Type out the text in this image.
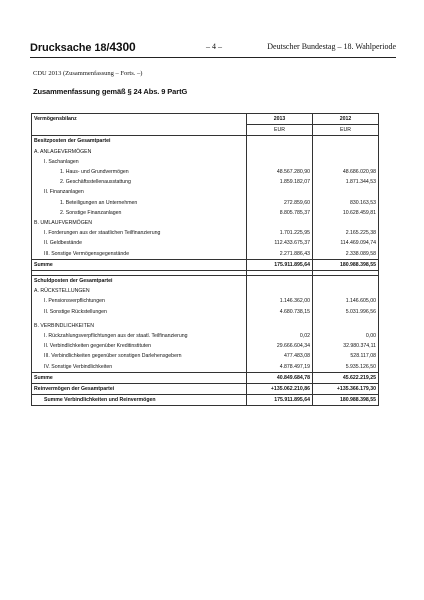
Drucksache 18/4300	– 4 –	Deutscher Bundestag – 18. Wahlperiode
CDU 2013 (Zusammenfassung – Forts. –)
Zusammenfassung gemäß § 24 Abs. 9 PartG
Vermögensbilanz	2013	2012
	EUR	EUR
Besitzposten der Gesamtpartei		
A. ANLAGEVERMÖGEN		
I. Sachanlagen		
1. Haus- und Grundvermögen	48.567.280,90	48.686.020,98
2. Geschäftsstellenausstattung	1.859.182,07	1.871.344,53
II. Finanzanlagen		
1. Beteiligungen an Unternehmen	272.859,60	830.163,53
2. Sonstige Finanzanlagen	8.805.785,37	10.628.459,81
B. UMLAUFVERMÖGEN		
I. Forderungen aus der staatlichen Teilfinanzierung	1.701.225,95	2.165.225,38
II. Geldbestände	112.433.675,37	114.469.094,74
III. Sonstige Vermögensgegenstände	2.271.886,43	2.338.089,58
Summe	175.911.895,64	180.988.398,55

Schuldposten der Gesamtpartei		
A. RÜCKSTELLUNGEN		
I. Pensionsverpflichtungen	1.146.362,00	1.146.605,00
II. Sonstige Rückstellungen	4.680.738,15	5.031.996,56

B. VERBINDLICHKEITEN		
I. Rückzahlungsverpflichtungen aus der staatl. Teilfinanzierung	0,02	0,00
II. Verbindlichkeiten gegenüber Kreditinstituten	29.666.604,34	32.980.374,11
III. Verbindlichkeiten gegenüber sonstigen Darlehensgebern	477.483,08	528.117,08
IV. Sonstige Verbindlichkeiten	4.878.497,19	5.935.126,50
Summe	40.849.684,78	45.622.219,25
Reinvermögen der Gesamtpartei	+135.062.210,86	+135.366.179,30
Summe Verbindlichkeiten und Reinvermögen	175.911.895,64	180.988.398,55
